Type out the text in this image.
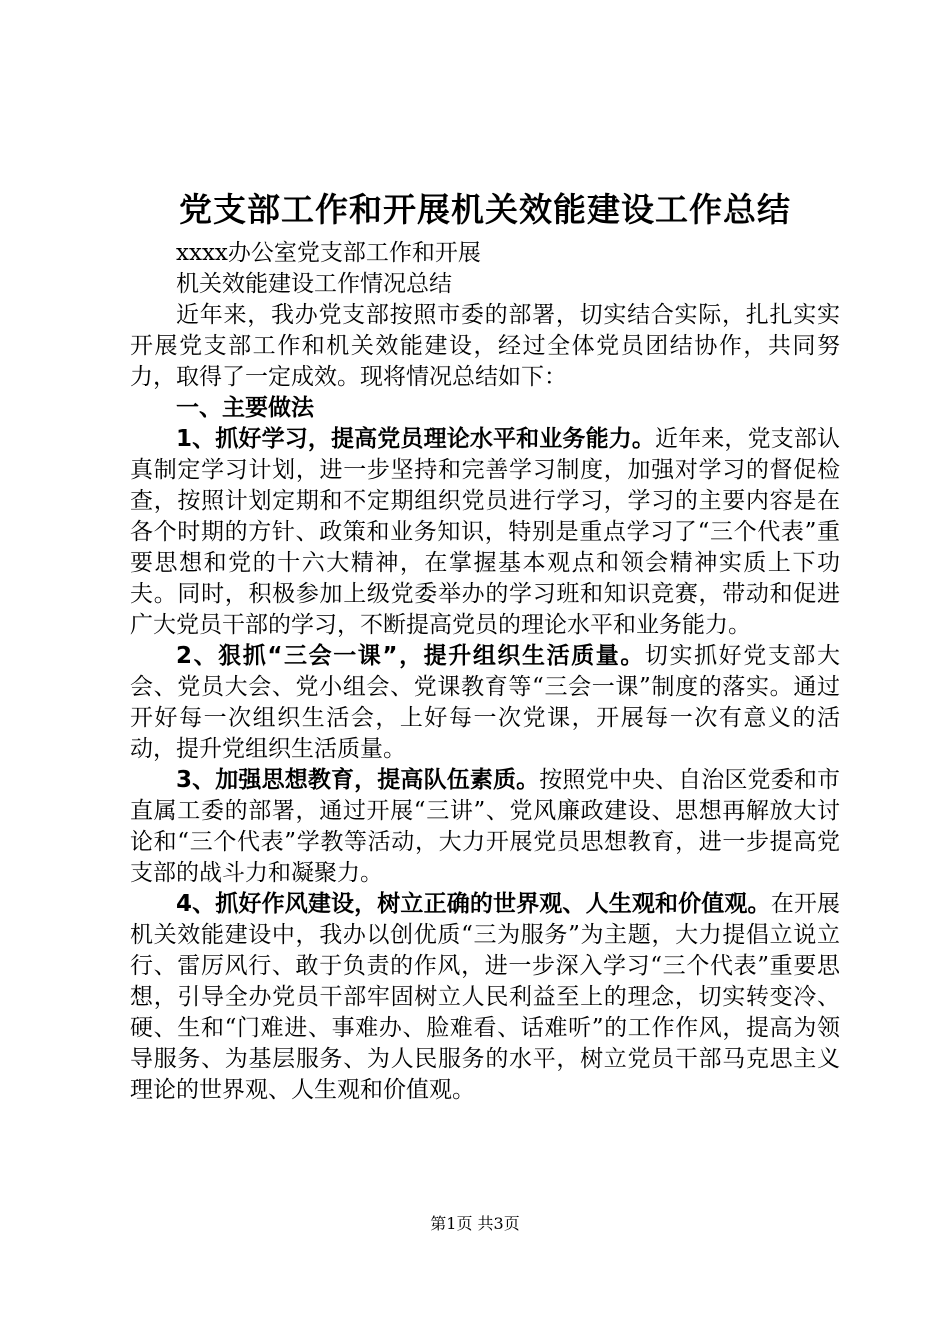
党支部工作和开展机关效能建设工作总结

xxxx办公室党支部工作和开展

机关效能建设工作情况总结

近年来，我办党支部按照市委的部署，切实结合实际，扎扎实实开展党支部工作和机关效能建设，经过全体党员团结协作，共同努力，取得了一定成效。现将情况总结如下：

一、主要做法

1、抓好学习，提高党员理论水平和业务能力。近年来，党支部认真制定学习计划，进一步坚持和完善学习制度，加强对学习的督促检查，按照计划定期和不定期组织党员进行学习，学习的主要内容是在各个时期的方针、政策和业务知识，特别是重点学习了“三个代表”重要思想和党的十六大精神，在掌握基本观点和领会精神实质上下功夫。同时，积极参加上级党委举办的学习班和知识竞赛，带动和促进广大党员干部的学习，不断提高党员的理论水平和业务能力。

2、狠抓“三会一课”，提升组织生活质量。切实抓好党支部大会、党员大会、党小组会、党课教育等“三会一课”制度的落实。通过开好每一次组织生活会，上好每一次党课，开展每一次有意义的活动，提升党组织生活质量。

3、加强思想教育，提高队伍素质。按照党中央、自治区党委和市直属工委的部署，通过开展“三讲”、党风廉政建设、思想再解放大讨论和“三个代表”学教等活动，大力开展党员思想教育，进一步提高党支部的战斗力和凝聚力。

4、抓好作风建设，树立正确的世界观、人生观和价值观。在开展机关效能建设中，我办以创优质“三为服务”为主题，大力提倡立说立行、雷厉风行、敢于负责的作风，进一步深入学习“三个代表”重要思想，引导全办党员干部牢固树立人民利益至上的理念，切实转变冷、硬、生和“门难进、事难办、脸难看、话难听”的工作作风，提高为领导服务、为基层服务、为人民服务的水平，树立党员干部马克思主义理论的世界观、人生观和价值观。

第1页 共3页
